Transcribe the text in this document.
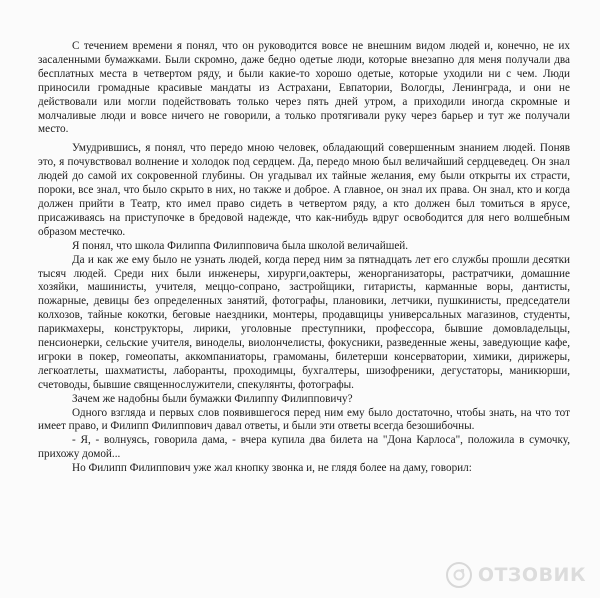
С течением времени я понял, что он руководится вовсе не внешним видом людей и, конечно, не их засаленными бумажками. Были скромно, даже бедно одетые люди, которые внезапно для меня получали два бесплатных места в четвертом ряду, и были какие-то хорошо одетые, которые уходили ни с чем. Люди приносили громадные красивые мандаты из Астрахани, Евпатории, Вологды, Ленинграда, и они не действовали или могли подействовать только через пять дней утром, а приходили иногда скромные и молчаливые люди и вовсе ничего не говорили, а только протягивали руку через барьер и тут же получали место.

Умудрившись, я понял, что передо мною человек, обладающий совершенным знанием людей. Поняв это, я почувствовал волнение и холодок под сердцем. Да, передо мною был величайший сердцеведец. Он знал людей до самой их сокровенной глубины. Он угадывал их тайные желания, ему были открыты их страсти, пороки, все знал, что было скрыто в них, но также и доброе. А главное, он знал их права. Он знал, кто и когда должен прийти в Театр, кто имел право сидеть в четвертом ряду, а кто должен был томиться в ярусе, присаживаясь на приступочке в бредовой надежде, что как-нибудь вдруг освободится для него волшебным образом местечко.

Я понял, что школа Филиппа Филипповича была школой величайшей.

Да и как же ему было не узнать людей, когда перед ним за пятнадцать лет его службы прошли десятки тысяч людей. Среди них были инженеры, хирурги,оактеры, женорганизаторы, растратчики, домашние хозяйки, машинисты, учителя, меццо-сопрано, застройщики, гитаристы, карманные воры, дантисты, пожарные, девицы без определенных занятий, фотографы, плановики, летчики, пушкинисты, председатели колхозов, тайные кокотки, беговые наездники, монтеры, продавщицы универсальных магазинов, студенты, парикмахеры, конструкторы, лирики, уголовные преступники, профессора, бывшие домовладельцы, пенсионерки, сельские учителя, виноделы, виолончелисты, фокусники, разведенные жены, заведующие кафе, игроки в покер, гомеопаты, аккомпаниаторы, грамоманы, билетерши консерватории, химики, дирижеры, легкоатлеты, шахматисты, лаборанты, проходимцы, бухгалтеры, шизофреники, дегустаторы, маникюрши, счетоводы, бывшие священнослужители, спекулянты, фотографы.

Зачем же надобны были бумажки Филиппу Филипповичу?

Одного взгляда и первых слов появившегося перед ним ему было достаточно, чтобы знать, на что тот имеет право, и Филипп Филиппович давал ответы, и были эти ответы всегда безошибочны.

- Я, - волнуясь, говорила дама, - вчера купила два билета на "Дона Карлоса", положила в сумочку, прихожу домой...

Но Филипп Филиппович уже жал кнопку звонка и, не глядя более на даму, говорил:

ОТЗОВИК
